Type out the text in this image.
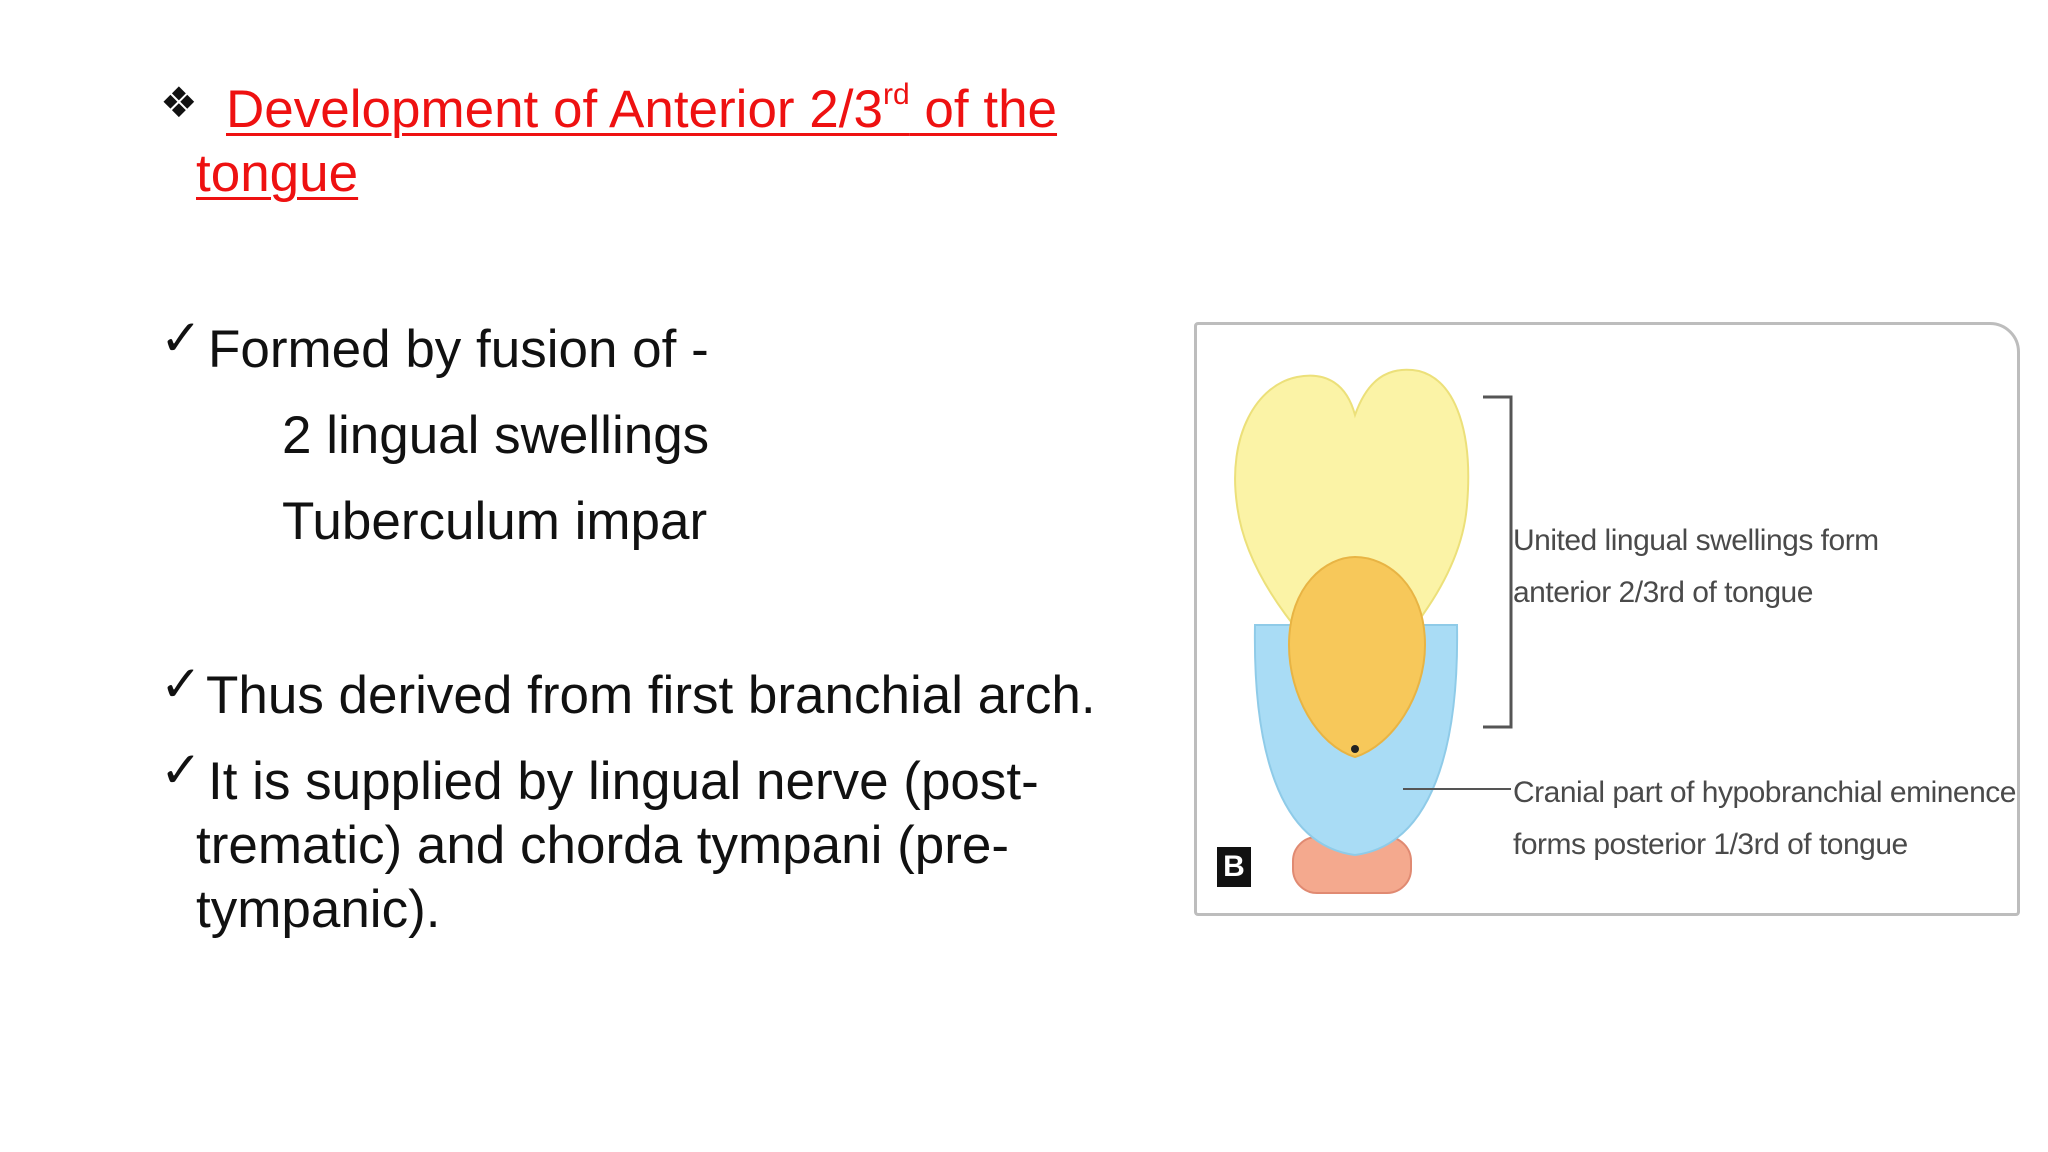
❖ Development of Anterior 2/3rd of the
tongue
✓ Formed by fusion of -
2 lingual swellings
Tuberculum impar
✓ Thus derived from first branchial arch.
✓ It is supplied by lingual nerve (post-
trematic) and chorda tympani (pre-
tympanic).
United lingual swellings form
anterior 2/3rd of tongue
Cranial part of hypobranchial eminence
forms posterior 1/3rd of tongue
B
